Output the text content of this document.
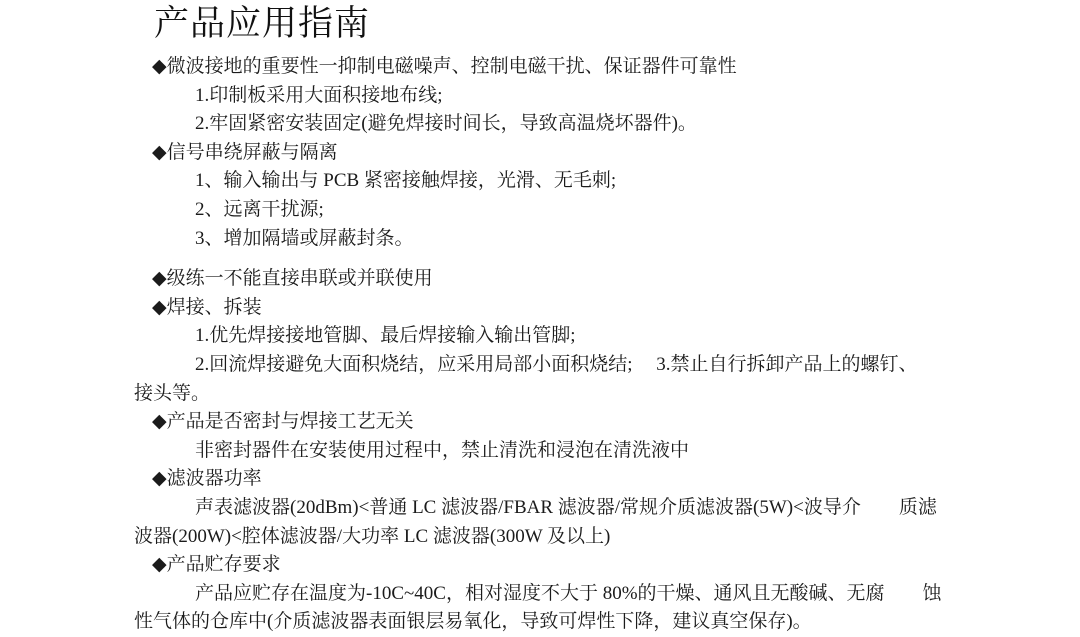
产品应用指南
◆微波接地的重要性一抑制电磁噪声、控制电磁干扰、保证器件可靠性
1.印制板采用大面积接地布线;
2.牢固紧密安装固定(避免焊接时间长，导致高温烧坏器件)。
◆信号串绕屏蔽与隔离
1、输入输出与 PCB 紧密接触焊接，光滑、无毛刺;
2、远离干扰源;
3、增加隔墙或屏蔽封条。
◆级练一不能直接串联或并联使用
◆焊接、拆装
1.优先焊接接地管脚、最后焊接输入输出管脚;
2.回流焊接避免大面积烧结，应采用局部小面积烧结;　 3.禁止自行拆卸产品上的螺钉、
接头等。
◆产品是否密封与焊接工艺无关
非密封器件在安装使用过程中，禁止清洗和浸泡在清洗液中
◆滤波器功率
声表滤波器(20dBm)<普通 LC 滤波器/FBAR 滤波器/常规介质滤波器(5W)<波导介　　质滤
波器(200W)<腔体滤波器/大功率 LC 滤波器(300W 及以上)
◆产品贮存要求
产品应贮存在温度为-10C~40C，相对湿度不大于 80%的干燥、通风且无酸碱、无腐　　蚀
性气体的仓库中(介质滤波器表面银层易氧化，导致可焊性下降，建议真空保存)。
